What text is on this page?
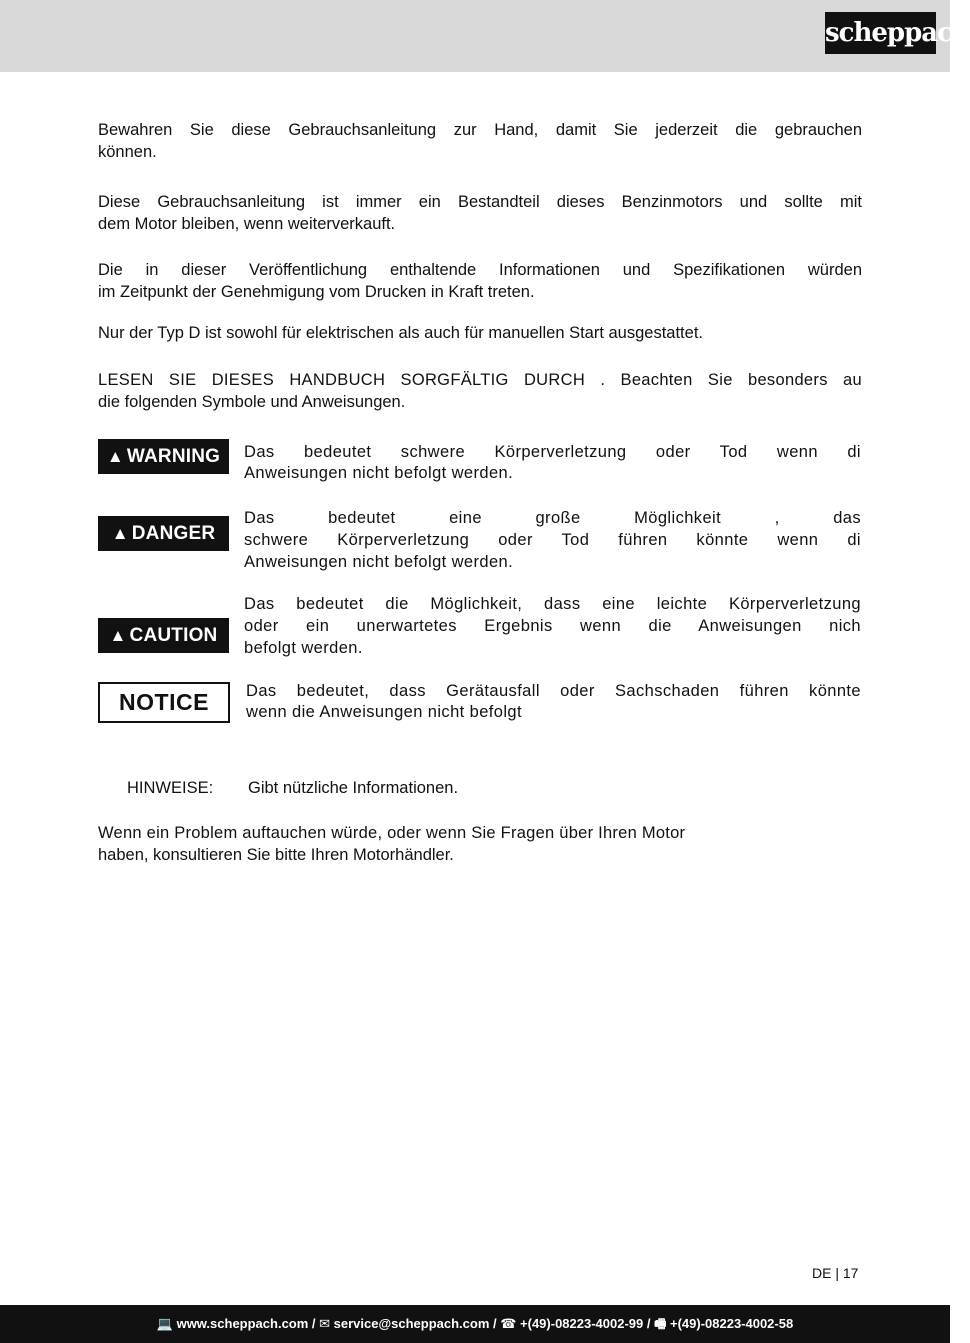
scheppach
Bewahren Sie diese Gebrauchsanleitung zur Hand, damit Sie jederzeit die gebrauchen
können.
Diese Gebrauchsanleitung ist immer ein Bestandteil dieses Benzinmotors und sollte mit
dem Motor bleiben, wenn weiterverkauft.
Die in dieser Veröffentlichung enthaltende Informationen und Spezifikationen würden
im Zeitpunkt der Genehmigung vom Drucken in Kraft treten.
Nur der Typ D ist sowohl für elektrischen als auch für manuellen Start ausgestattet.
LESEN SIE DIESES HANDBUCH SORGFÄLTIG DURCH . Beachten Sie besonders au
die folgenden Symbole und Anweisungen.
▲ WARNING	Das bedeutet schwere Körperverletzung oder Tod wenn di
Anweisungen nicht befolgt werden.
▲ DANGER
Das bedeutet eine große Möglichkeit , das
schwere Körperverletzung oder Tod führen könnte wenn di
Anweisungen nicht befolgt werden.
▲ CAUTION
Das bedeutet die Möglichkeit, dass eine leichte Körperverletzung
oder ein unerwartetes Ergebnis wenn die Anweisungen nich
befolgt werden.
NOTICE	Das bedeutet, dass Gerätausfall oder Sachschaden führen könnte
wenn die Anweisungen nicht befolgt
HINWEISE: Gibt nützliche Informationen.
Wenn ein Problem auftauchen würde, oder wenn Sie Fragen über Ihren Motor
haben, konsultieren Sie bitte Ihren Motorhändler.
DE | 17
💻 www.scheppach.com / ✉ service@scheppach.com / ☎ +(49)-08223-4002-99 / 🖷 +(49)-08223-4002-58
